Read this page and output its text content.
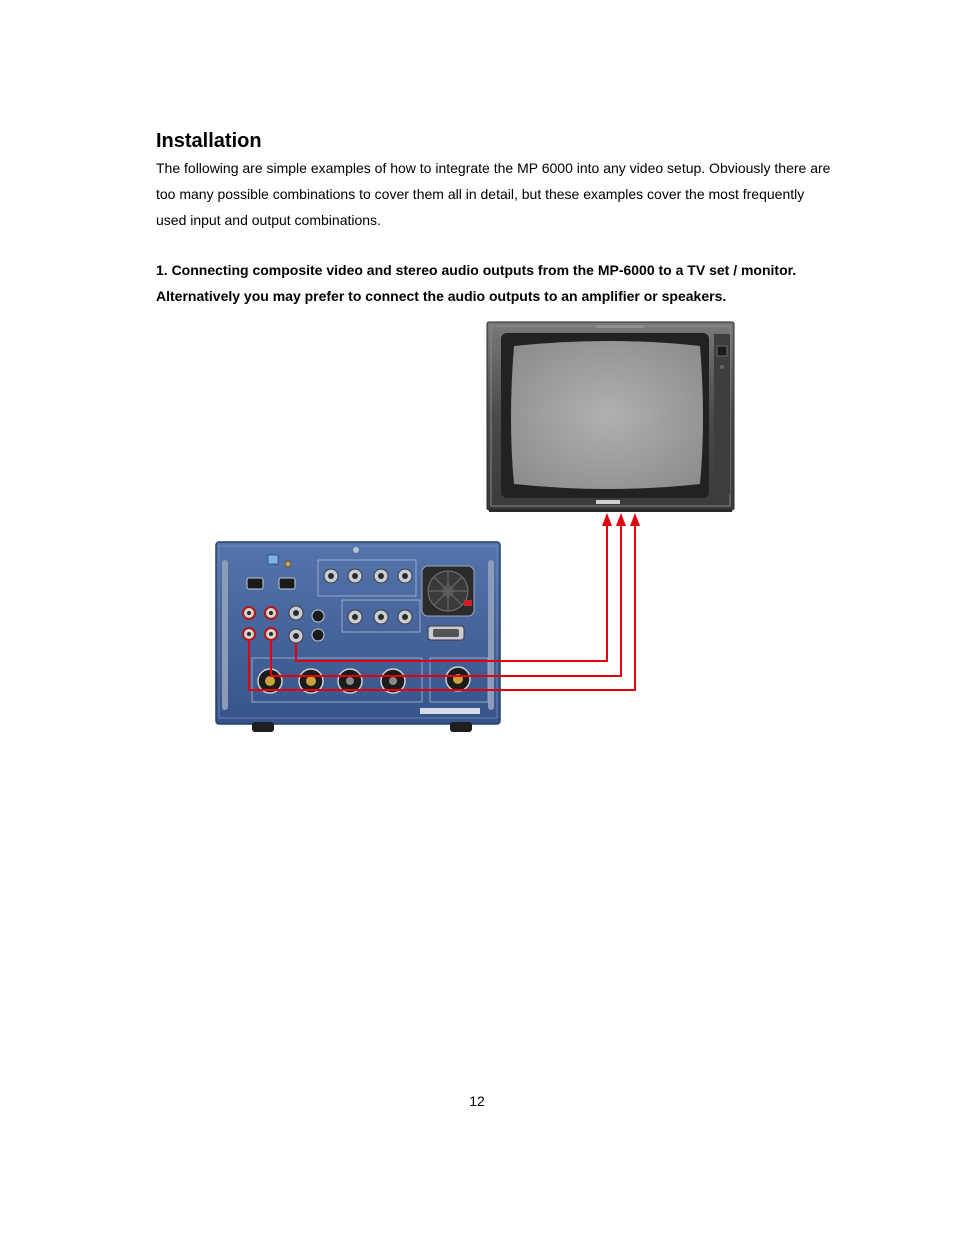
Installation

The following are simple examples of how to integrate the MP 6000 into any video setup. Obviously there are too many possible combinations to cover them all in detail, but these examples cover the most frequently used input and output combinations.

1. Connecting composite video and stereo audio outputs from the MP-6000 to a TV set / monitor.
Alternatively you may prefer to connect the audio outputs to an amplifier or speakers.

12
